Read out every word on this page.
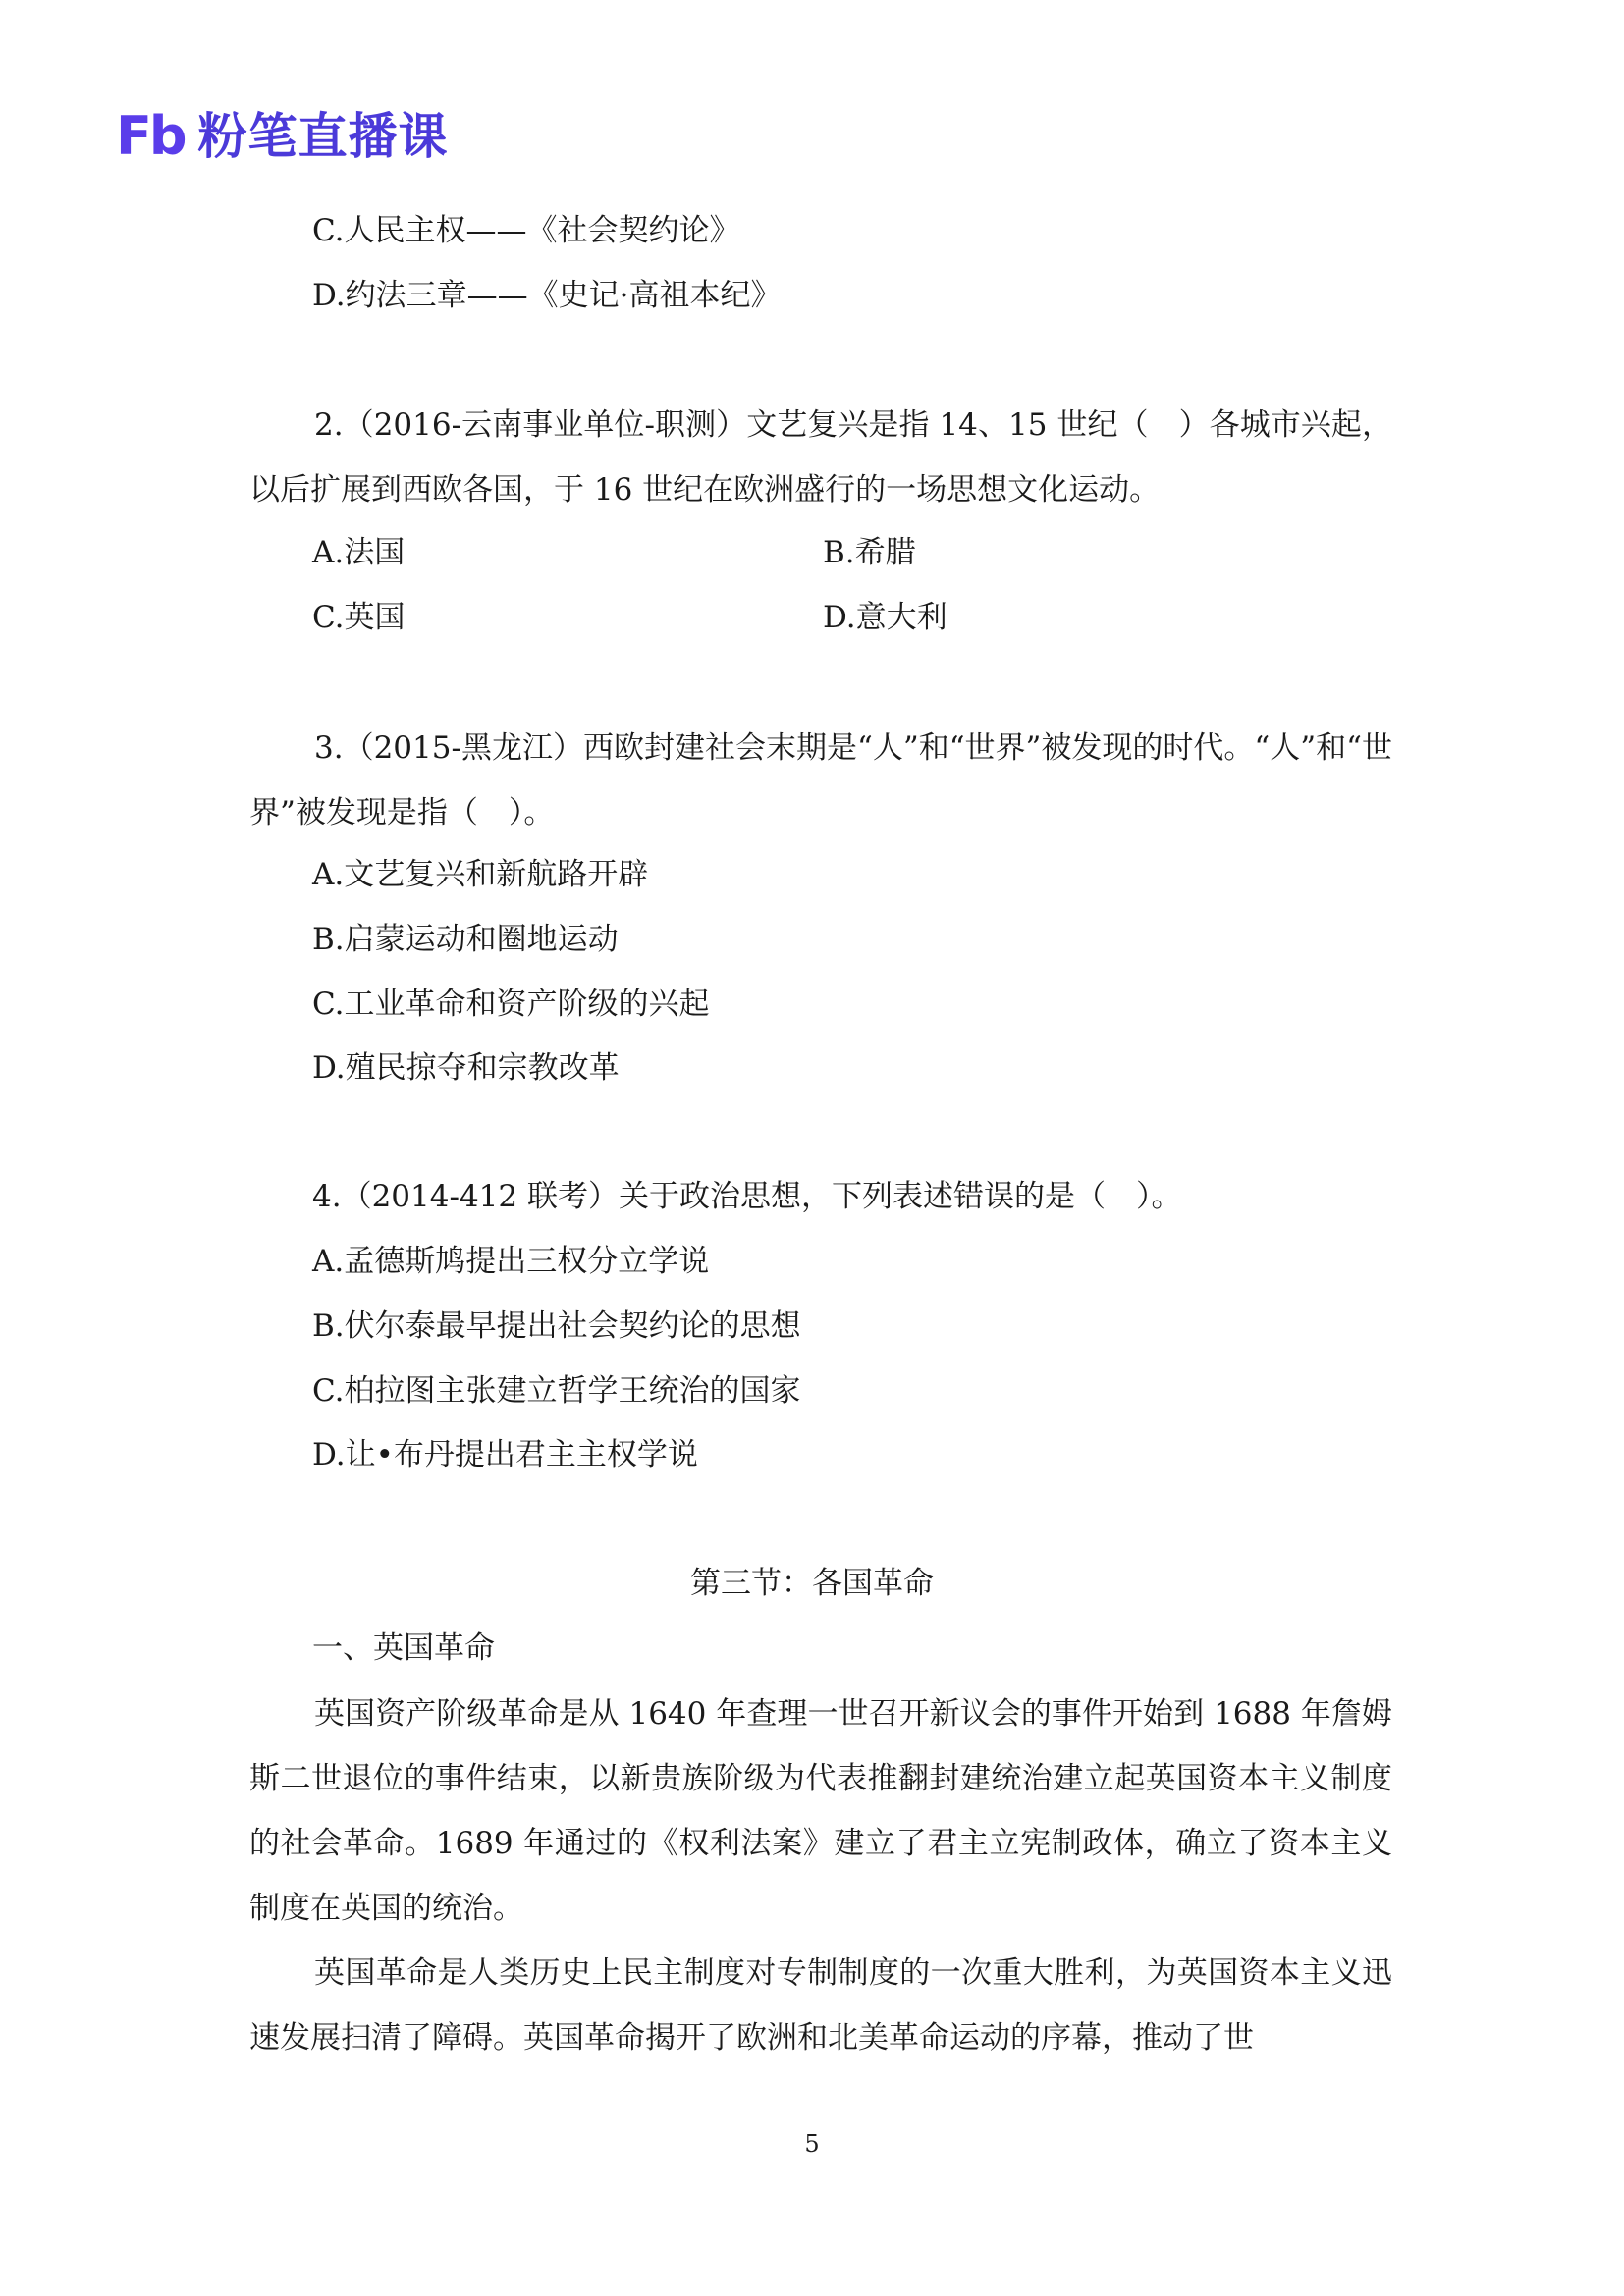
Fb 粉笔直播课
C.人民主权——《社会契约论》
D.约法三章——《史记·高祖本纪》

2.（2016-云南事业单位-职测）文艺复兴是指 14、15 世纪（　）各城市兴起，以后扩展到西欧各国，于 16 世纪在欧洲盛行的一场思想文化运动。

A.法国	B.希腊
C.英国	D.意大利

3.（2015-黑龙江）西欧封建社会末期是“人”和“世界”被发现的时代。“人”和“世界”被发现是指（　）。

A.文艺复兴和新航路开辟
B.启蒙运动和圈地运动
C.工业革命和资产阶级的兴起
D.殖民掠夺和宗教改革
4.（2014-412 联考）关于政治思想，下列表述错误的是（　）。
A.孟德斯鸠提出三权分立学说
B.伏尔泰最早提出社会契约论的思想
C.柏拉图主张建立哲学王统治的国家
D.让•布丹提出君主主权学说
第三节：各国革命
一、英国革命

英国资产阶级革命是从 1640 年查理一世召开新议会的事件开始到 1688 年詹姆斯二世退位的事件结束，以新贵族阶级为代表推翻封建统治建立起英国资本主义制度的社会革命。1689 年通过的《权利法案》建立了君主立宪制政体，确立了资本主义制度在英国的统治。

英国革命是人类历史上民主制度对专制制度的一次重大胜利，为英国资本主义迅速发展扫清了障碍。英国革命揭开了欧洲和北美革命运动的序幕，推动了世

5
